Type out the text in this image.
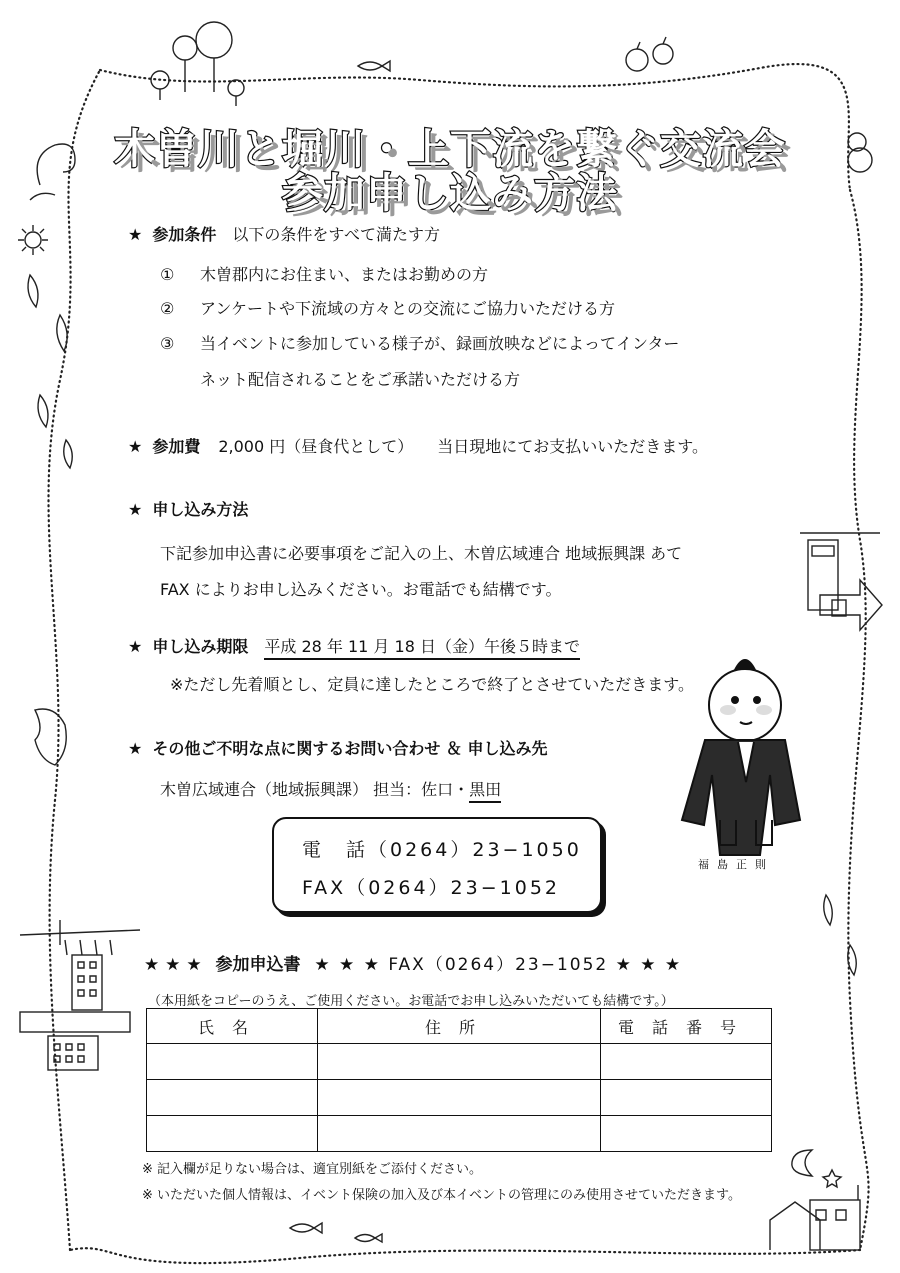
木曽川と堀川・上下流を繋ぐ交流会
参加申し込み方法
★ 参加条件 以下の条件をすべて満たす方
① 木曽郡内にお住まい、またはお勤めの方
② アンケートや下流域の方々との交流にご協力いただける方
③ 当イベントに参加している様子が、録画放映などによってインター
ネット配信されることをご承諾いただける方
★ 参加費 2,000 円（昼食代として） 当日現地にてお支払いいただきます。
★ 申し込み方法
下記参加申込書に必要事項をご記入の上、木曽広域連合 地域振興課 あて
FAX によりお申し込みください。お電話でも結構です。
★ 申し込み期限 平成 28 年 11 月 18 日（金）午後５時まで
※ただし先着順とし、定員に達したところで終了とさせていただきます。
★ その他ご不明な点に関するお問い合わせ ＆ 申し込み先
木曽広域連合（地域振興課） 担当：佐口・黒田
電　話（0264）23−1050
FAX（0264）23−1052
福島正則
★ ★ ★ 参加申込書 ★ ★ ★ FAX（0264）23−1052 ★ ★ ★
（本用紙をコピーのうえ、ご使用ください。お電話でお申し込みいただいても結構です。）
氏名	住所	電話番号

※ 記入欄が足りない場合は、適宜別紙をご添付ください。
※ いただいた個人情報は、イベント保険の加入及び本イベントの管理にのみ使用させていただきます。
